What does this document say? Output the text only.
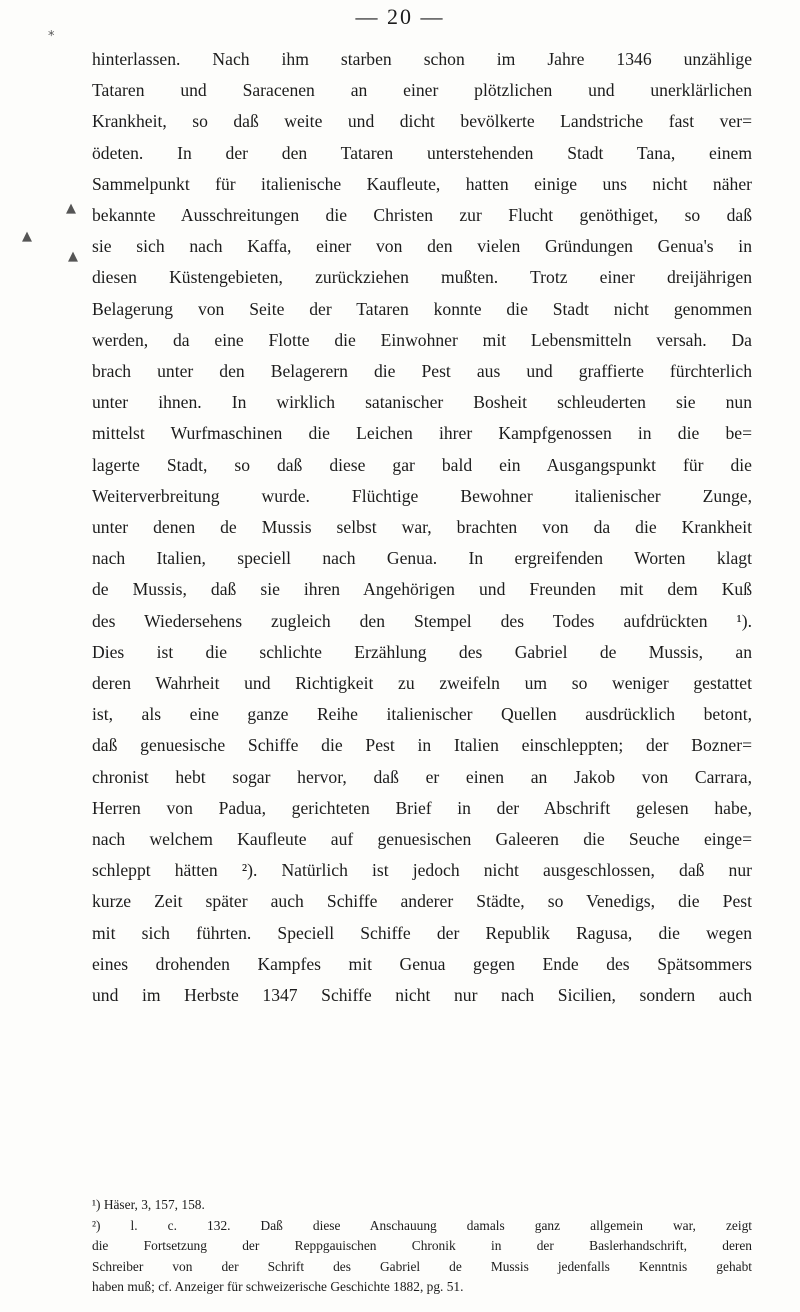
— 20 —
*
▲
▲
▲
hinterlassen. Nach ihm starben schon im Jahre 1346 unzählige
Tataren und Saracenen an einer plötzlichen und unerklärlichen
Krankheit, so daß weite und dicht bevölkerte Landstriche fast ver=
ödeten. In der den Tataren unterstehenden Stadt Tana, einem
Sammelpunkt für italienische Kaufleute, hatten einige uns nicht näher
bekannte Ausschreitungen die Christen zur Flucht genöthiget, so daß
sie sich nach Kaffa, einer von den vielen Gründungen Genua's in
diesen Küstengebieten, zurückziehen mußten. Trotz einer dreijährigen
Belagerung von Seite der Tataren konnte die Stadt nicht genommen
werden, da eine Flotte die Einwohner mit Lebensmitteln versah. Da
brach unter den Belagerern die Pest aus und graffierte fürchterlich
unter ihnen. In wirklich satanischer Bosheit schleuderten sie nun
mittelst Wurfmaschinen die Leichen ihrer Kampfgenossen in die be=
lagerte Stadt, so daß diese gar bald ein Ausgangspunkt für die
Weiterverbreitung wurde. Flüchtige Bewohner italienischer Zunge,
unter denen de Mussis selbst war, brachten von da die Krankheit
nach Italien, speciell nach Genua. In ergreifenden Worten klagt
de Mussis, daß sie ihren Angehörigen und Freunden mit dem Kuß
des Wiedersehens zugleich den Stempel des Todes aufdrückten ¹).
Dies ist die schlichte Erzählung des Gabriel de Mussis, an
deren Wahrheit und Richtigkeit zu zweifeln um so weniger gestattet
ist, als eine ganze Reihe italienischer Quellen ausdrücklich betont,
daß genuesische Schiffe die Pest in Italien einschleppten; der Bozner=
chronist hebt sogar hervor, daß er einen an Jakob von Carrara,
Herren von Padua, gerichteten Brief in der Abschrift gelesen habe,
nach welchem Kaufleute auf genuesischen Galeeren die Seuche einge=
schleppt hätten ²). Natürlich ist jedoch nicht ausgeschlossen, daß nur
kurze Zeit später auch Schiffe anderer Städte, so Venedigs, die Pest
mit sich führten. Speciell Schiffe der Republik Ragusa, die wegen
eines drohenden Kampfes mit Genua gegen Ende des Spätsommers
und im Herbste 1347 Schiffe nicht nur nach Sicilien, sondern auch
¹) Häser, 3, 157, 158.
²) l. c. 132. Daß diese Anschauung damals ganz allgemein war, zeigt
die Fortsetzung der Reppgauischen Chronik in der Baslerhandschrift, deren
Schreiber von der Schrift des Gabriel de Mussis jedenfalls Kenntnis gehabt
haben muß; cf. Anzeiger für schweizerische Geschichte 1882, pg. 51.
